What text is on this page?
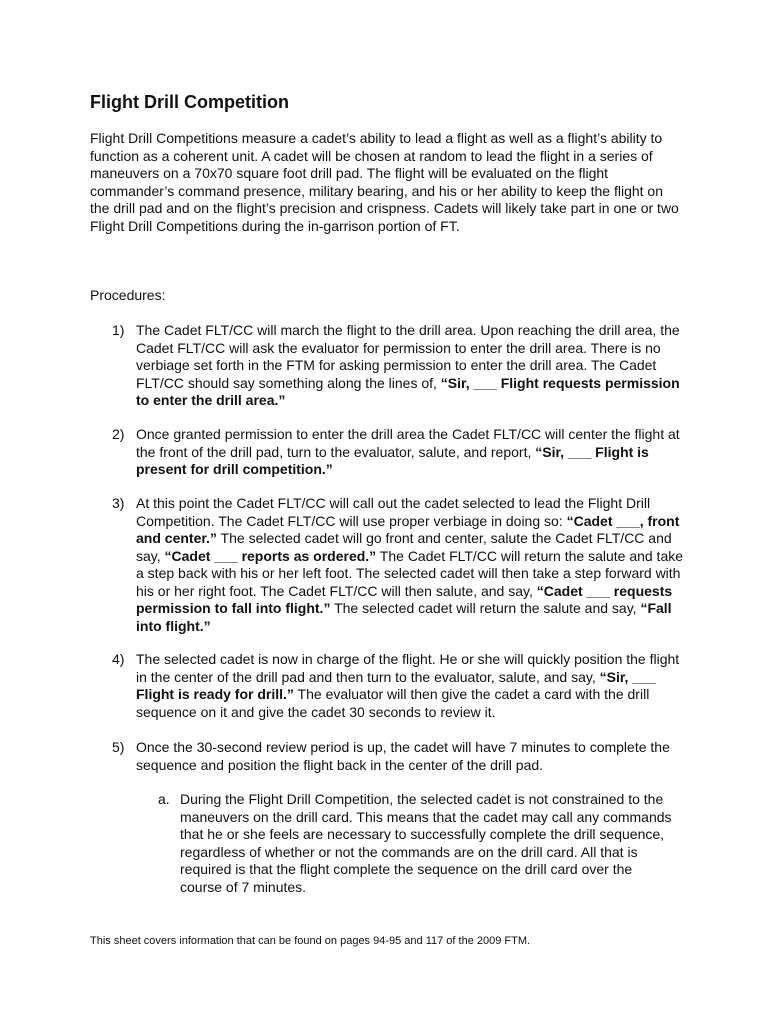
Flight Drill Competition

Flight Drill Competitions measure a cadet’s ability to lead a flight as well as a flight’s ability to function as a coherent unit. A cadet will be chosen at random to lead the flight in a series of maneuvers on a 70x70 square foot drill pad. The flight will be evaluated on the flight commander’s command presence, military bearing, and his or her ability to keep the flight on the drill pad and on the flight’s precision and crispness. Cadets will likely take part in one or two Flight Drill Competitions during the in-garrison portion of FT.

Procedures:

1) The Cadet FLT/CC will march the flight to the drill area. Upon reaching the drill area, the Cadet FLT/CC will ask the evaluator for permission to enter the drill area. There is no verbiage set forth in the FTM for asking permission to enter the drill area. The Cadet FLT/CC should say something along the lines of, “Sir, ___ Flight requests permission to enter the drill area.”
2) Once granted permission to enter the drill area the Cadet FLT/CC will center the flight at the front of the drill pad, turn to the evaluator, salute, and report, “Sir, ___ Flight is present for drill competition.”
3) At this point the Cadet FLT/CC will call out the cadet selected to lead the Flight Drill Competition. The Cadet FLT/CC will use proper verbiage in doing so: “Cadet ___, front and center.” The selected cadet will go front and center, salute the Cadet FLT/CC and say, “Cadet ___ reports as ordered.” The Cadet FLT/CC will return the salute and take a step back with his or her left foot. The selected cadet will then take a step forward with his or her right foot. The Cadet FLT/CC will then salute, and say, “Cadet ___ requests permission to fall into flight.” The selected cadet will return the salute and say, “Fall into flight.”
4) The selected cadet is now in charge of the flight. He or she will quickly position the flight in the center of the drill pad and then turn to the evaluator, salute, and say, “Sir, ___ Flight is ready for drill.” The evaluator will then give the cadet a card with the drill sequence on it and give the cadet 30 seconds to review it.
5) Once the 30-second review period is up, the cadet will have 7 minutes to complete the sequence and position the flight back in the center of the drill pad.
a. During the Flight Drill Competition, the selected cadet is not constrained to the maneuvers on the drill card. This means that the cadet may call any commands that he or she feels are necessary to successfully complete the drill sequence, regardless of whether or not the commands are on the drill card. All that is required is that the flight complete the sequence on the drill card over the course of 7 minutes.

This sheet covers information that can be found on pages 94-95 and 117 of the 2009 FTM.
